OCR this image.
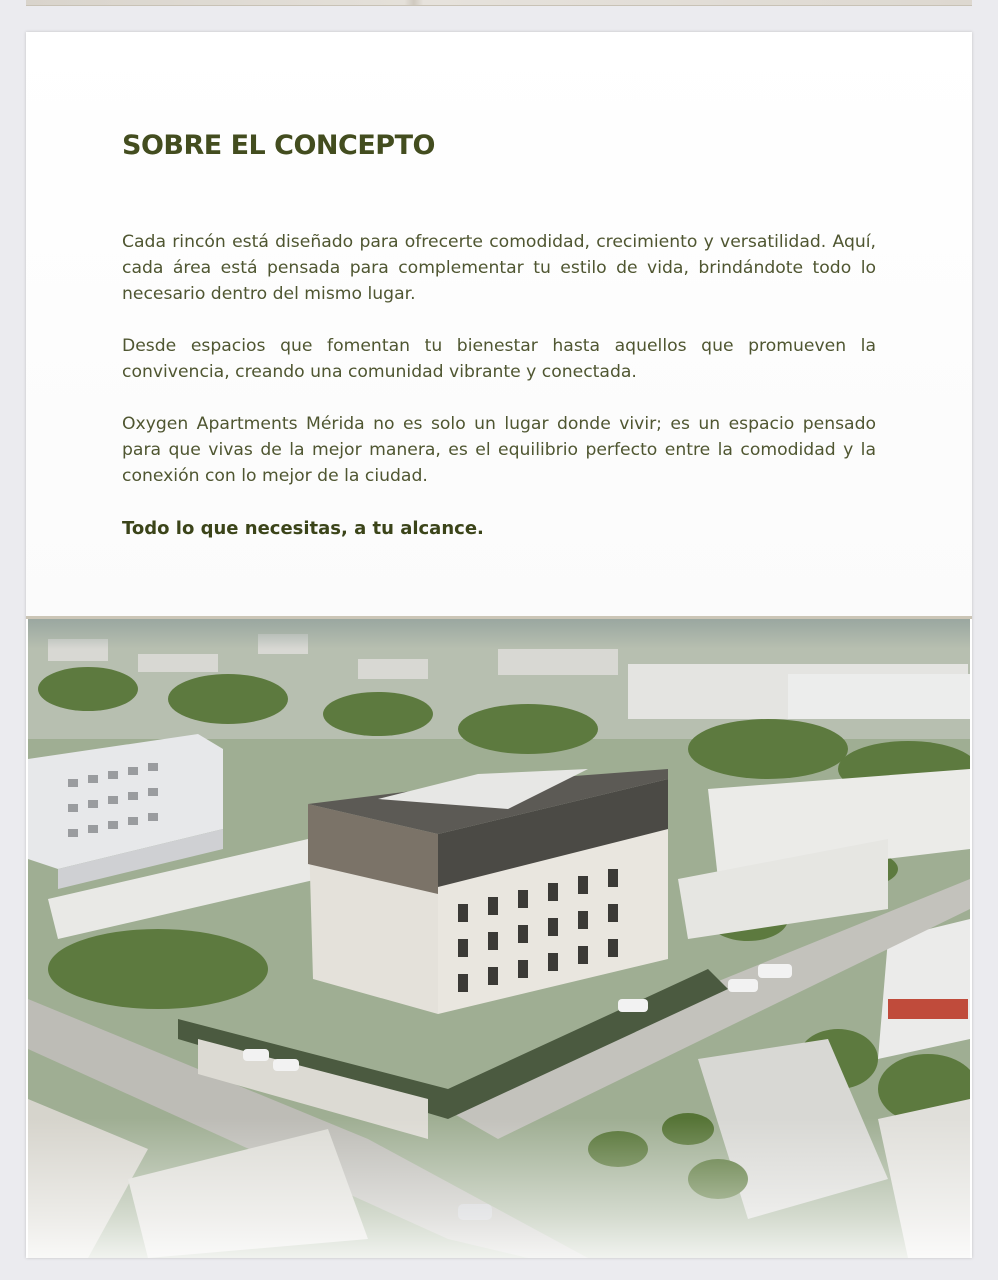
SOBRE EL CONCEPTO

Cada rincón está diseñado para ofrecerte comodidad, crecimiento y versatilidad. Aquí, cada área está pensada para complementar tu estilo de vida, brindándote todo lo necesario dentro del mismo lugar.

Desde espacios que fomentan tu bienestar hasta aquellos que promueven la convivencia, creando una comunidad vibrante y conectada.

Oxygen Apartments Mérida no es solo un lugar donde vivir; es un espacio pensado para que vivas de la mejor manera, es el equilibrio perfecto entre la comodidad y la conexión con lo mejor de la ciudad.

Todo lo que necesitas, a tu alcance.
